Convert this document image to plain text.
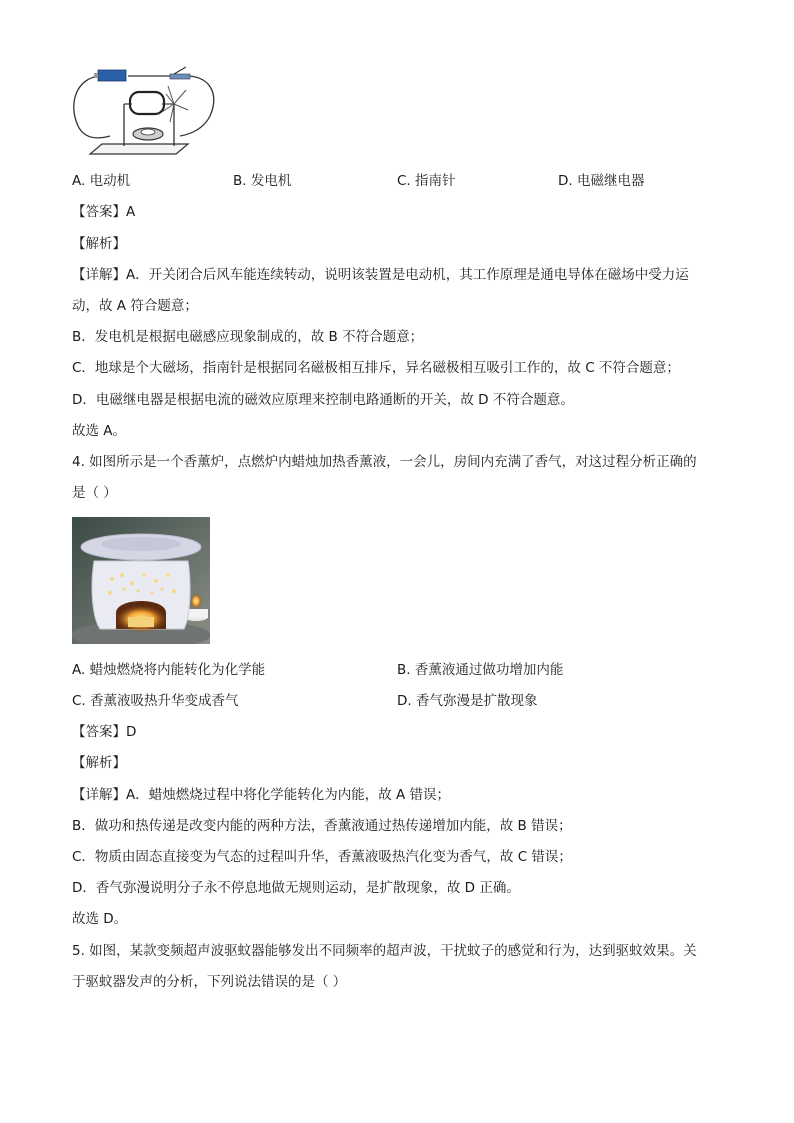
A. 电动机	B. 发电机	C. 指南针	D. 电磁继电器
【答案】A
【解析】
【详解】A．开关闭合后风车能连续转动，说明该装置是电动机，其工作原理是通电导体在磁场中受力运
动，故 A 符合题意；
B．发电机是根据电磁感应现象制成的，故 B 不符合题意；
C．地球是个大磁场，指南针是根据同名磁极相互排斥，异名磁极相互吸引工作的，故 C 不符合题意；
D．电磁继电器是根据电流的磁效应原理来控制电路通断的开关，故 D 不符合题意。
故选 A。
4. 如图所示是一个香薰炉，点燃炉内蜡烛加热香薰液，一会儿，房间内充满了香气，对这过程分析正确的
是（ ）
A. 蜡烛燃烧将内能转化为化学能	B. 香薰液通过做功增加内能
C. 香薰液吸热升华变成香气	D. 香气弥漫是扩散现象
【答案】D
【解析】
【详解】A．蜡烛燃烧过程中将化学能转化为内能，故 A 错误；
B．做功和热传递是改变内能的两种方法，香薰液通过热传递增加内能，故 B 错误；
C．物质由固态直接变为气态的过程叫升华，香薰液吸热汽化变为香气，故 C 错误；
D．香气弥漫说明分子永不停息地做无规则运动，是扩散现象，故 D 正确。
故选 D。
5. 如图，某款变频超声波驱蚊器能够发出不同频率的超声波，干扰蚊子的感觉和行为，达到驱蚊效果。关
于驱蚊器发声的分析，下列说法错误的是（ ）
